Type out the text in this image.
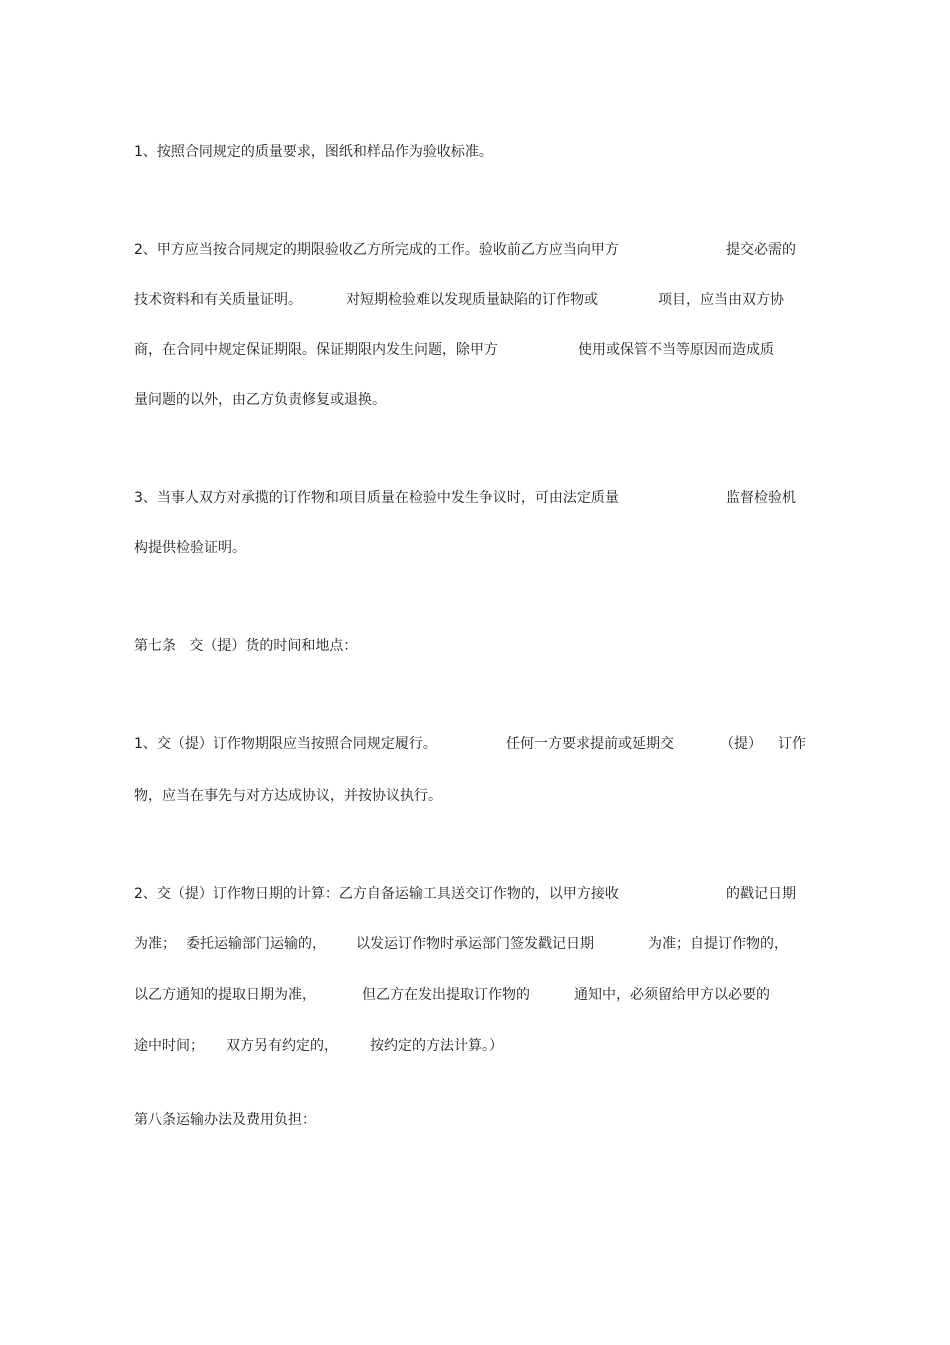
1、按照合同规定的质量要求，图纸和样品作为验收标准。
2、甲方应当按合同规定的期限验收乙方所完成的工作。验收前乙方应当向甲方	提交必需的
技术资料和有关质量证明。	对短期检验难以发现质量缺陷的订作物或	项目，应当由双方协
商，在合同中规定保证期限。保证期限内发生问题，除甲方	使用或保管不当等原因而造成质
量问题的以外，由乙方负责修复或退换。
3、当事人双方对承揽的订作物和项目质量在检验中发生争议时，可由法定质量	监督检验机
构提供检验证明。
第七条   交（提）货的时间和地点：
1、交（提）订作物期限应当按照合同规定履行。	任何一方要求提前或延期交	（提） 订作
物，应当在事先与对方达成协议，并按协议执行。
2、交（提）订作物日期的计算：乙方自备运输工具送交订作物的，以甲方接收	的戳记日期
为准； 委托运输部门运输的， 以发运订作物时承运部门签发戳记日期	为准；自提订作物的，
以乙方通知的提取日期为准，	但乙方在发出提取订作物的	通知中，必须留给甲方以必要的
途中时间； 双方另有约定的， 按约定的方法计算。）
第八条运输办法及费用负担：
